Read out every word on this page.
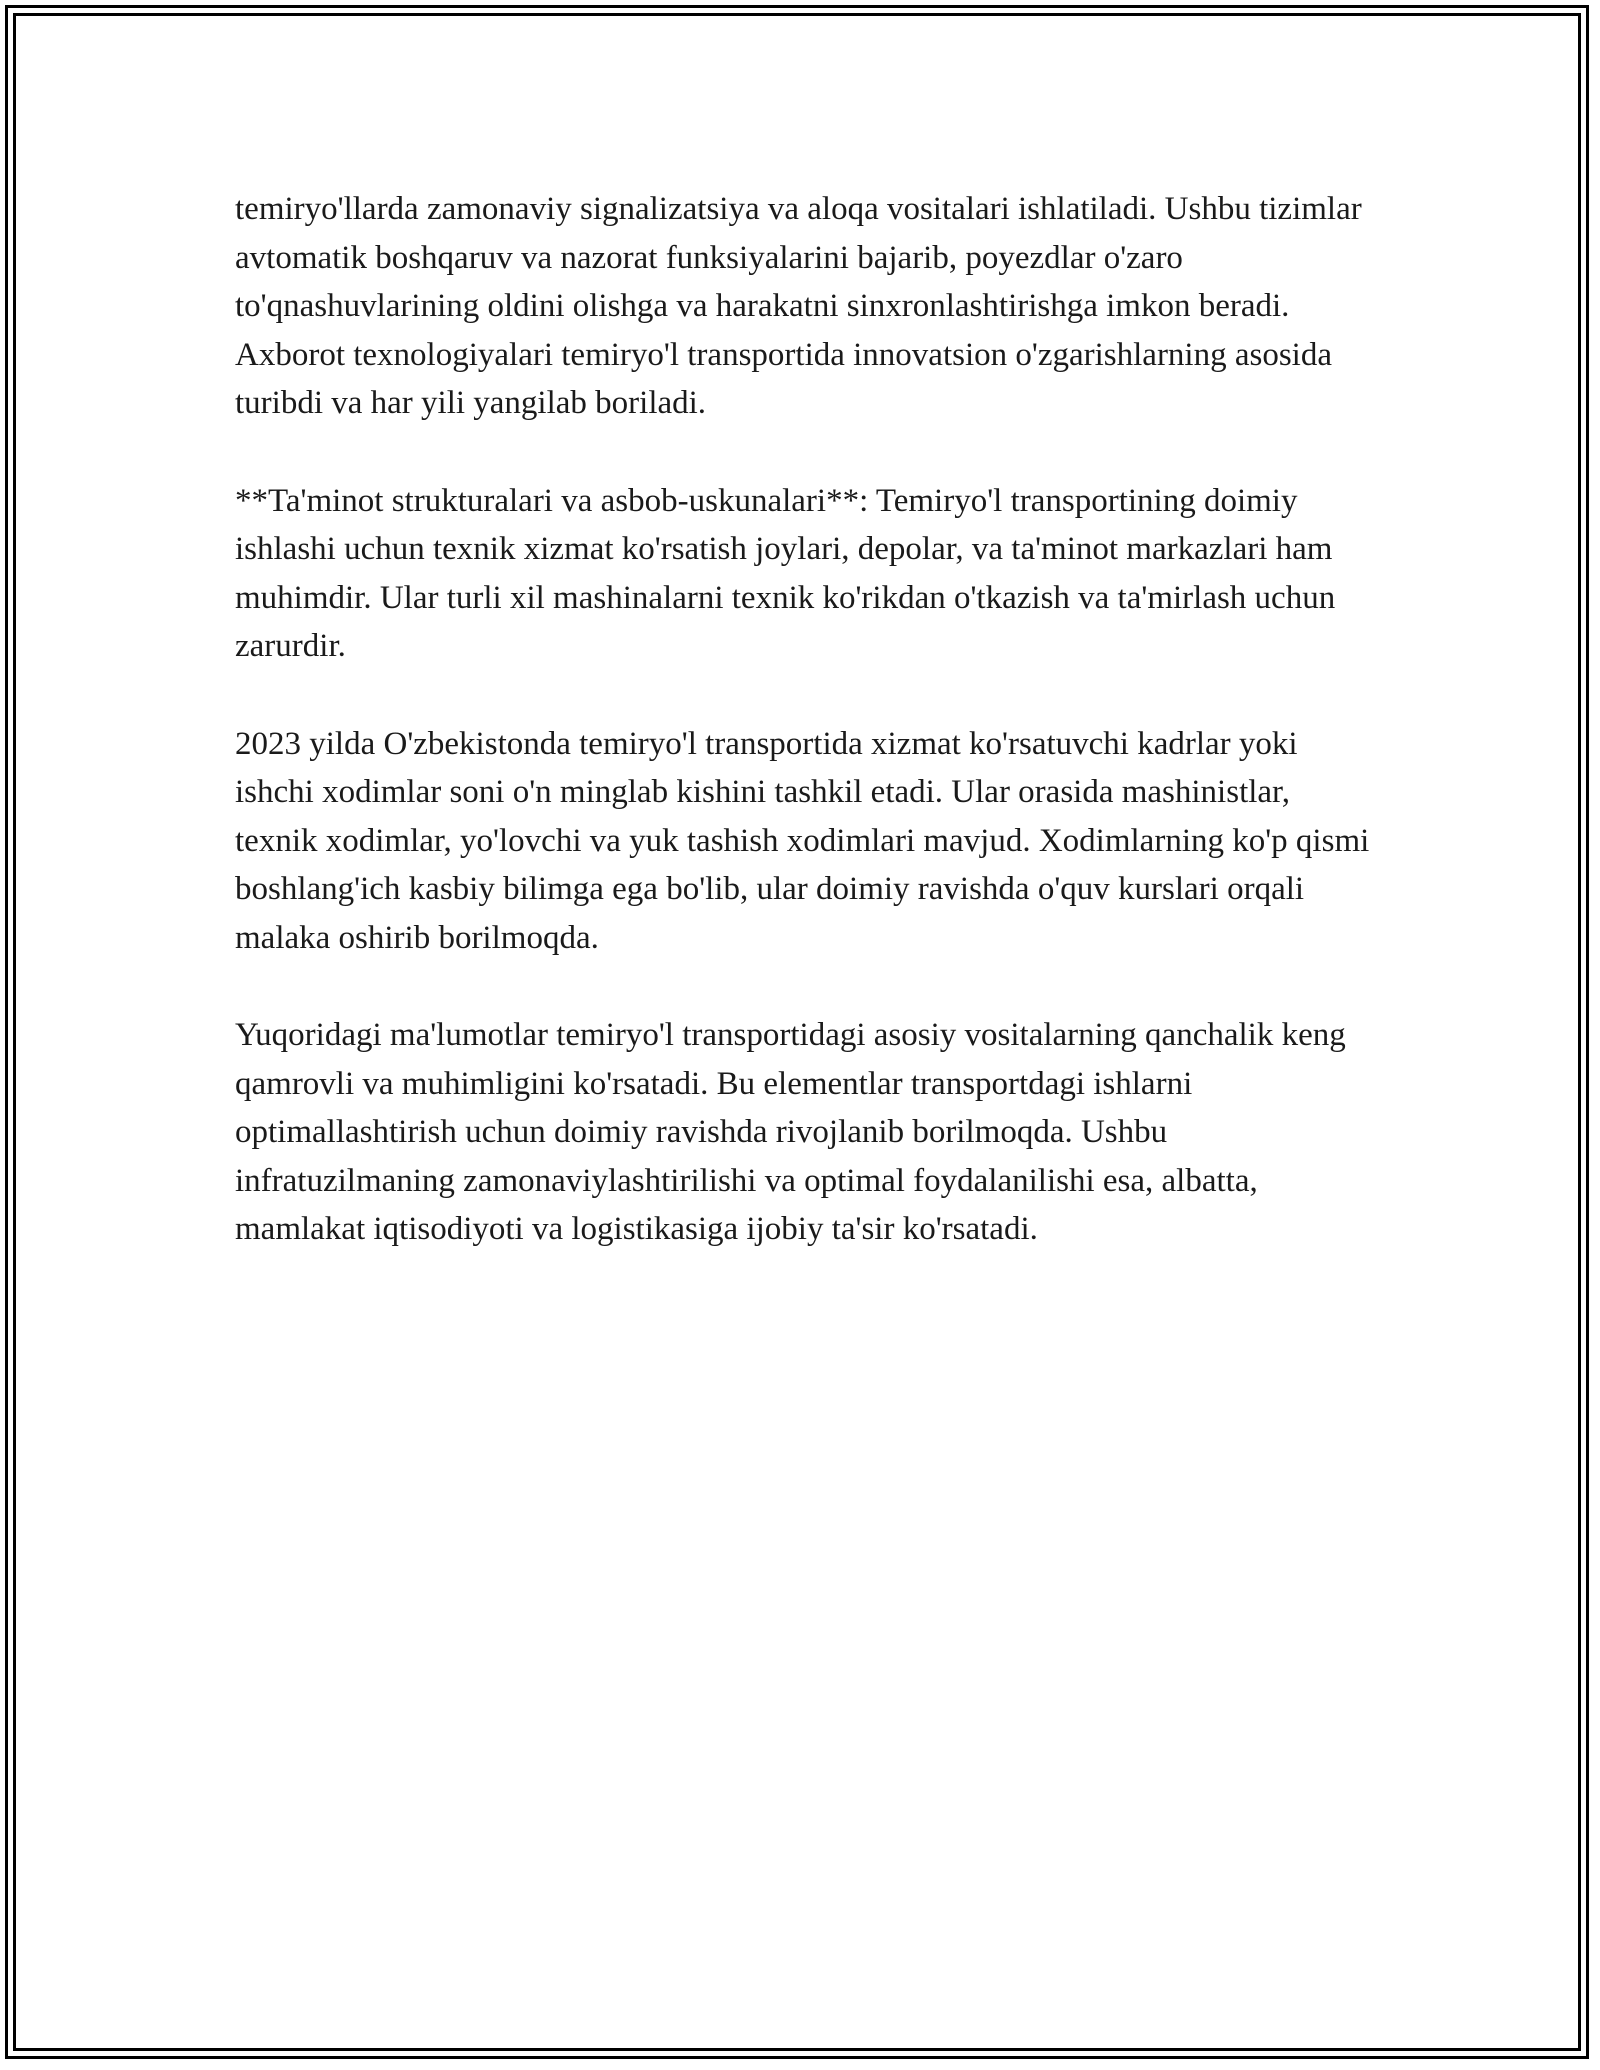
temiryo'llarda zamonaviy signalizatsiya va aloqa vositalari ishlatiladi. Ushbu tizimlar avtomatik boshqaruv va nazorat funksiyalarini bajarib, poyezdlar o'zaro to'qnashuvlarining oldini olishga va harakatni sinxronlashtirishga imkon beradi. Axborot texnologiyalari temiryo'l transportida innovatsion o'zgarishlarning asosida turibdi va har yili yangilab boriladi.

**Ta'minot strukturalari va asbob-uskunalari**: Temiryo'l transportining doimiy ishlashi uchun texnik xizmat ko'rsatish joylari, depolar, va ta'minot markazlari ham muhimdir. Ular turli xil mashinalarni texnik ko'rikdan o'tkazish va ta'mirlash uchun zarurdir.

2023 yilda O'zbekistonda temiryo'l transportida xizmat ko'rsatuvchi kadrlar yoki ishchi xodimlar soni o'n minglab kishini tashkil etadi. Ular orasida mashinistlar, texnik xodimlar, yo'lovchi va yuk tashish xodimlari mavjud. Xodimlarning ko'p qismi boshlang'ich kasbiy bilimga ega bo'lib, ular doimiy ravishda o'quv kurslari orqali malaka oshirib borilmoqda.

Yuqoridagi ma'lumotlar temiryo'l transportidagi asosiy vositalarning qanchalik keng qamrovli va muhimligini ko'rsatadi. Bu elementlar transportdagi ishlarni optimallashtirish uchun doimiy ravishda rivojlanib borilmoqda. Ushbu infratuzilmaning zamonaviylashtirilishi va optimal foydalanilishi esa, albatta, mamlakat iqtisodiyoti va logistikasiga ijobiy ta'sir ko'rsatadi.
